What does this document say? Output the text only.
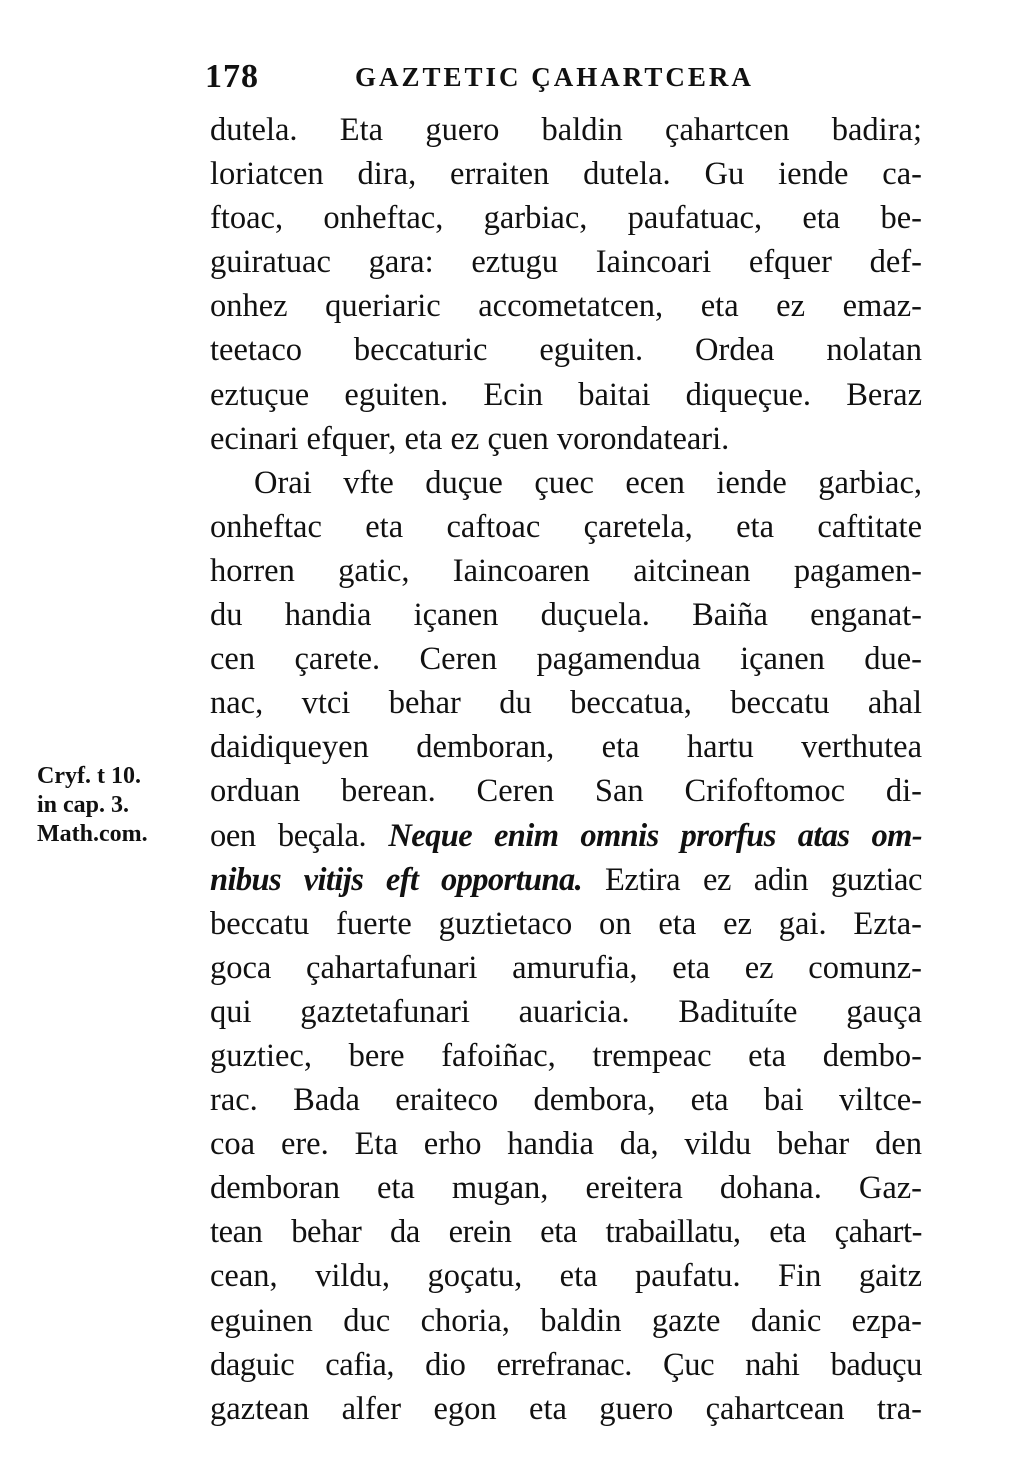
178	GAZTETIC ÇAHARTCERA
Cryf. t 10.
in cap. 3.
Math.com.
dutela. Eta guero baldin çahartcen badira;
loriatcen dira, erraiten dutela. Gu iende ca-
ftoac, onheftac, garbiac, paufatuac, eta be-
guiratuac gara: eztugu Iaincoari efquer def-
onhez queriaric accometatcen, eta ez emaz-
teetaco beccaturic eguiten. Ordea nolatan
eztuçue eguiten. Ecin baitai diqueçue. Beraz
ecinari efquer, eta ez çuen vorondateari.
Orai vfte duçue çuec ecen iende garbiac,
onheftac eta caftoac çaretela, eta caftitate
horren gatic, Iaincoaren aitcinean pagamen-
du handia içanen duçuela. Baiña enganat-
cen çarete. Ceren pagamendua içanen due-
nac, vtci behar du beccatua, beccatu ahal
daidiqueyen demboran, eta hartu verthutea
orduan berean. Ceren San Crifoftomoc di-
oen beçala. Neque enim omnis prorfus atas om-
nibus vitijs eft opportuna. Eztira ez adin guztiac
beccatu fuerte guztietaco on eta ez gai. Ezta-
goca çahartafunari amurufia, eta ez comunz-
qui gaztetafunari auaricia. Badituíte gauça
guztiec, bere fafoiñac, trempeac eta dembo-
rac. Bada eraiteco dembora, eta bai viltce-
coa ere. Eta erho handia da, vildu behar den
demboran eta mugan, ereitera dohana. Gaz-
tean behar da erein eta trabaillatu, eta çahart-
cean, vildu, goçatu, eta paufatu. Fin gaitz
eguinen duc choria, baldin gazte danic ezpa-
daguic cafia, dio errefranac. Çuc nahi baduçu
gaztean alfer egon eta guero çahartcean tra-
